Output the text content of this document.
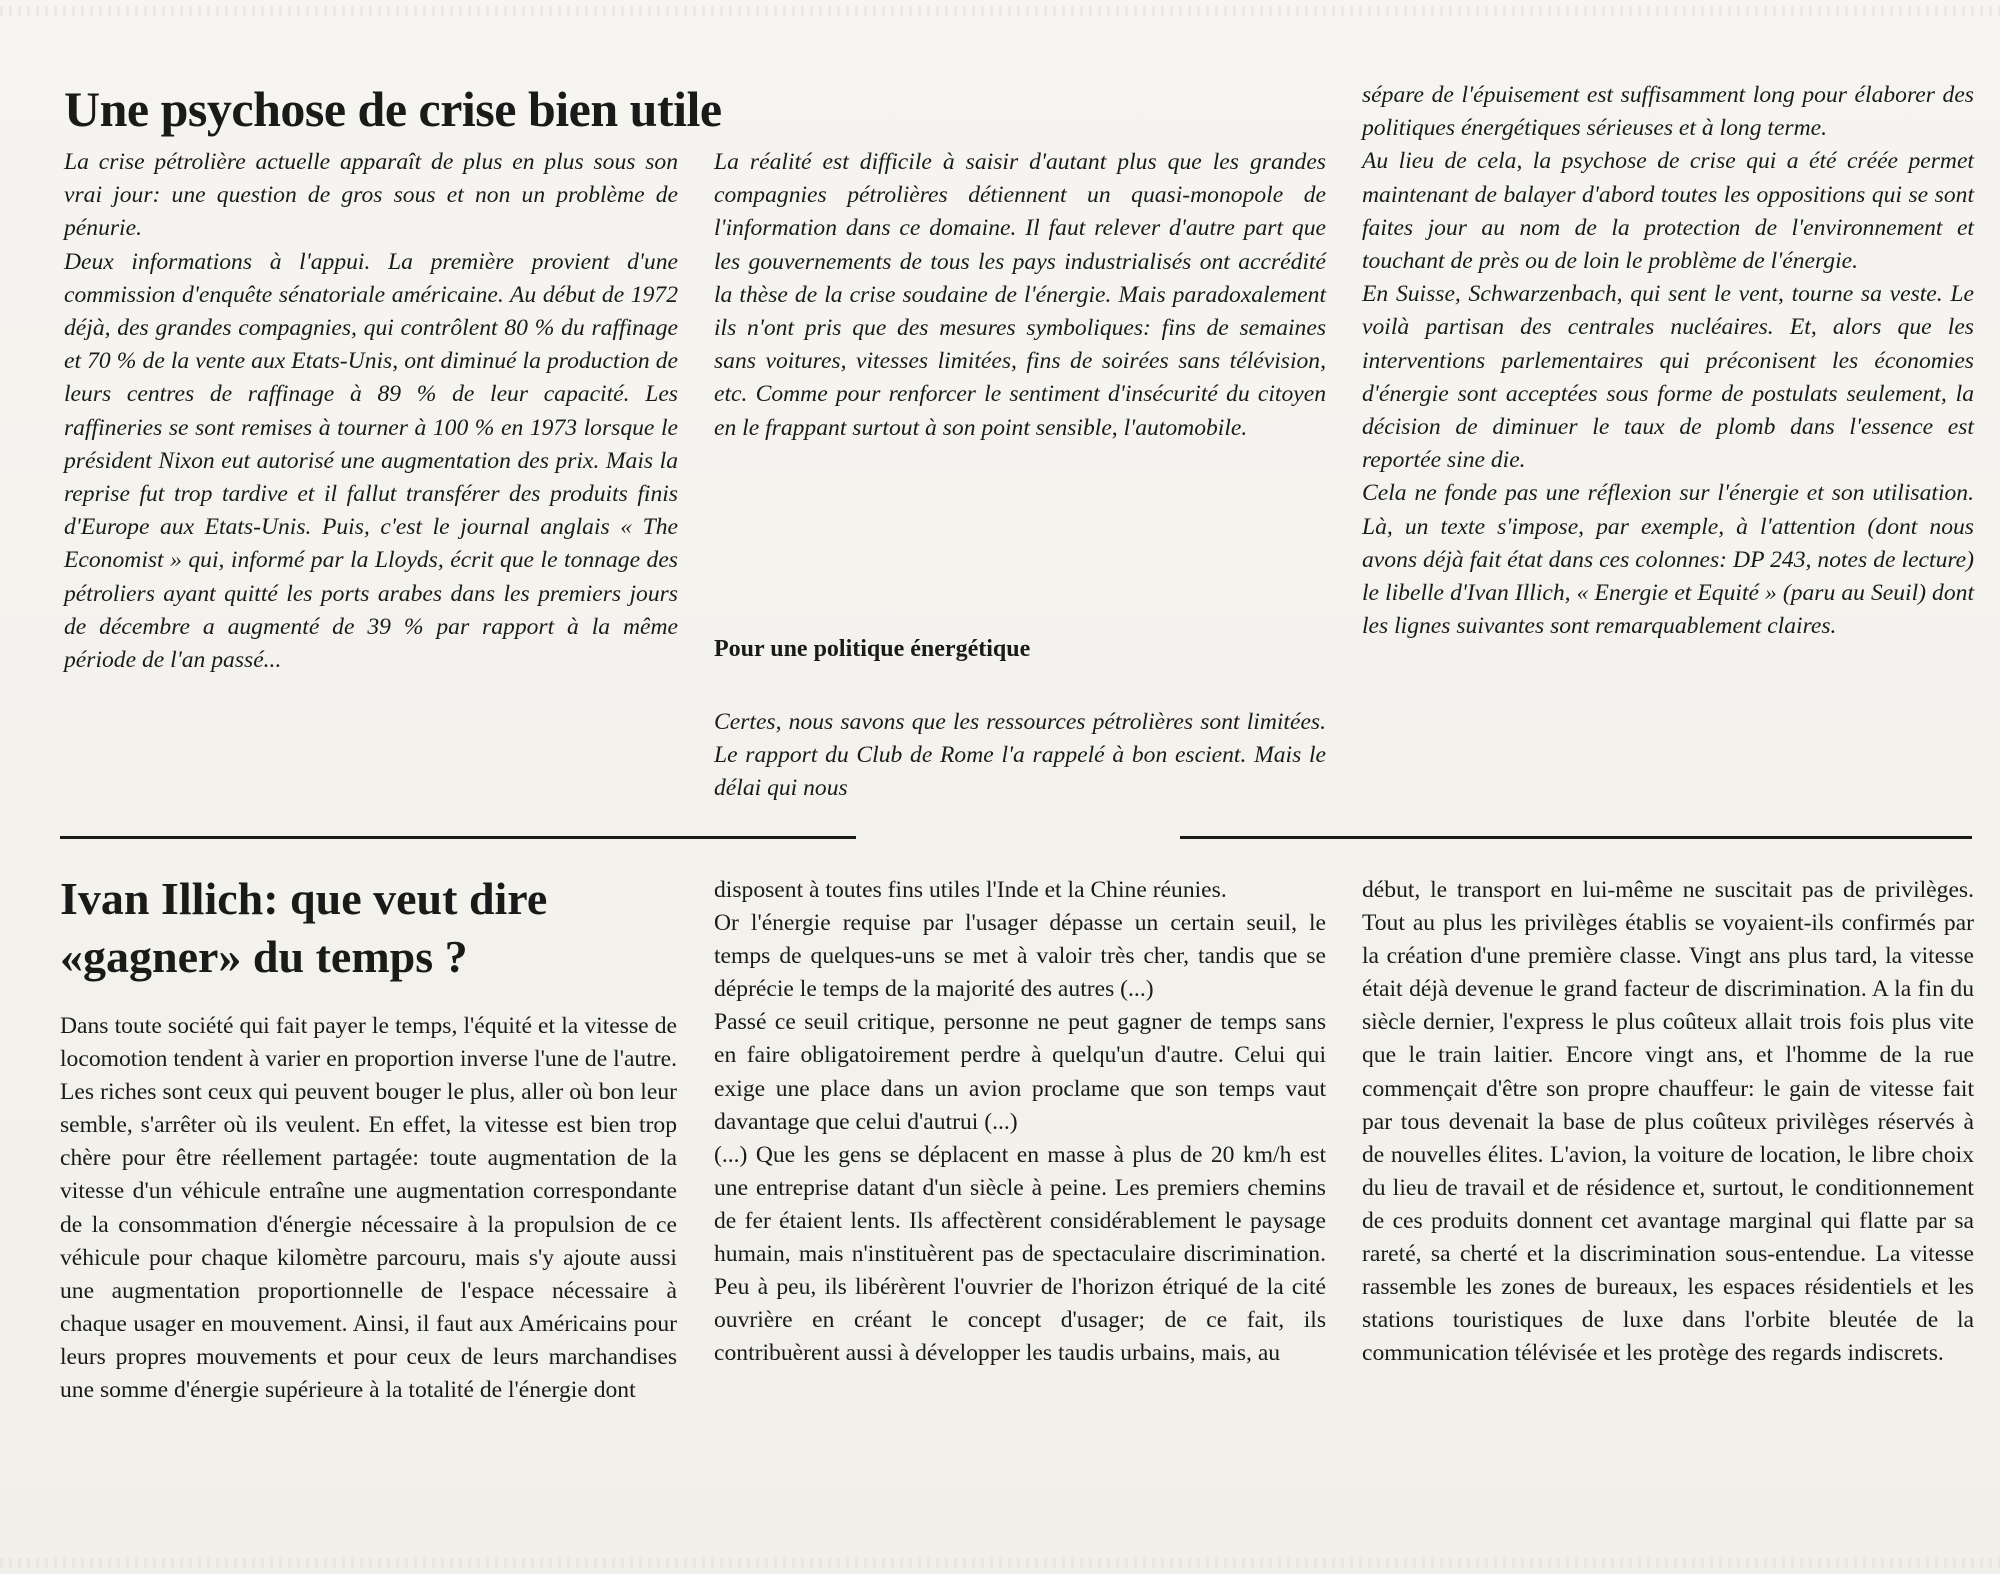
Une psychose de crise bien utile

La crise pétrolière actuelle apparaît de plus en plus sous son vrai jour: une question de gros sous et non un problème de pénurie.

Deux informations à l'appui. La première provient d'une commission d'enquête sénatoriale américaine. Au début de 1972 déjà, des grandes compagnies, qui contrôlent 80 % du raffinage et 70 % de la vente aux Etats-Unis, ont diminué la production de leurs centres de raffinage à 89 % de leur capacité. Les raffineries se sont remises à tourner à 100 % en 1973 lorsque le président Nixon eut autorisé une augmentation des prix. Mais la reprise fut trop tardive et il fallut transférer des produits finis d'Europe aux Etats-Unis. Puis, c'est le journal anglais « The Economist » qui, informé par la Lloyds, écrit que le tonnage des pétroliers ayant quitté les ports arabes dans les premiers jours de décembre a augmenté de 39 % par rapport à la même période de l'an passé...

La réalité est difficile à saisir d'autant plus que les grandes compagnies pétrolières détiennent un quasi-monopole de l'information dans ce domaine. Il faut relever d'autre part que les gouvernements de tous les pays industrialisés ont accrédité la thèse de la crise soudaine de l'énergie. Mais paradoxalement ils n'ont pris que des mesures symboliques: fins de semaines sans voitures, vitesses limitées, fins de soirées sans télévision, etc. Comme pour renforcer le sentiment d'insécurité du citoyen en le frappant surtout à son point sensible, l'automobile.

Pour une politique énergétique

Certes, nous savons que les ressources pétrolières sont limitées. Le rapport du Club de Rome l'a rappelé à bon escient. Mais le délai qui nous

sépare de l'épuisement est suffisamment long pour élaborer des politiques énergétiques sérieuses et à long terme.

Au lieu de cela, la psychose de crise qui a été créée permet maintenant de balayer d'abord toutes les oppositions qui se sont faites jour au nom de la protection de l'environnement et touchant de près ou de loin le problème de l'énergie.

En Suisse, Schwarzenbach, qui sent le vent, tourne sa veste. Le voilà partisan des centrales nucléaires. Et, alors que les interventions parlementaires qui préconisent les économies d'énergie sont acceptées sous forme de postulats seulement, la décision de diminuer le taux de plomb dans l'essence est reportée sine die.

Cela ne fonde pas une réflexion sur l'énergie et son utilisation. Là, un texte s'impose, par exemple, à l'attention (dont nous avons déjà fait état dans ces colonnes: DP 243, notes de lecture) le libelle d'Ivan Illich, « Energie et Equité » (paru au Seuil) dont les lignes suivantes sont remarquablement claires.

Ivan Illich: que veut dire
«gagner» du temps ?

Dans toute société qui fait payer le temps, l'équité et la vitesse de locomotion tendent à varier en proportion inverse l'une de l'autre. Les riches sont ceux qui peuvent bouger le plus, aller où bon leur semble, s'arrêter où ils veulent. En effet, la vitesse est bien trop chère pour être réellement partagée: toute augmentation de la vitesse d'un véhicule entraîne une augmentation correspondante de la consommation d'énergie nécessaire à la propulsion de ce véhicule pour chaque kilomètre parcouru, mais s'y ajoute aussi une augmentation proportionnelle de l'espace nécessaire à chaque usager en mouvement. Ainsi, il faut aux Américains pour leurs propres mouvements et pour ceux de leurs marchandises une somme d'énergie supérieure à la totalité de l'énergie dont

disposent à toutes fins utiles l'Inde et la Chine réunies.

Or l'énergie requise par l'usager dépasse un certain seuil, le temps de quelques-uns se met à valoir très cher, tandis que se déprécie le temps de la majorité des autres (...)

Passé ce seuil critique, personne ne peut gagner de temps sans en faire obligatoirement perdre à quelqu'un d'autre. Celui qui exige une place dans un avion proclame que son temps vaut davantage que celui d'autrui (...)

(...) Que les gens se déplacent en masse à plus de 20 km/h est une entreprise datant d'un siècle à peine. Les premiers chemins de fer étaient lents. Ils affectèrent considérablement le paysage humain, mais n'instituèrent pas de spectaculaire discrimination. Peu à peu, ils libérèrent l'ouvrier de l'horizon étriqué de la cité ouvrière en créant le concept d'usager; de ce fait, ils contribuèrent aussi à développer les taudis urbains, mais, au

début, le transport en lui-même ne suscitait pas de privilèges. Tout au plus les privilèges établis se voyaient-ils confirmés par la création d'une première classe. Vingt ans plus tard, la vitesse était déjà devenue le grand facteur de discrimination. A la fin du siècle dernier, l'express le plus coûteux allait trois fois plus vite que le train laitier. Encore vingt ans, et l'homme de la rue commençait d'être son propre chauffeur: le gain de vitesse fait par tous devenait la base de plus coûteux privilèges réservés à de nouvelles élites. L'avion, la voiture de location, le libre choix du lieu de travail et de résidence et, surtout, le conditionnement de ces produits donnent cet avantage marginal qui flatte par sa rareté, sa cherté et la discrimination sous-entendue. La vitesse rassemble les zones de bureaux, les espaces résidentiels et les stations touristiques de luxe dans l'orbite bleutée de la communication télévisée et les protège des regards indiscrets.
